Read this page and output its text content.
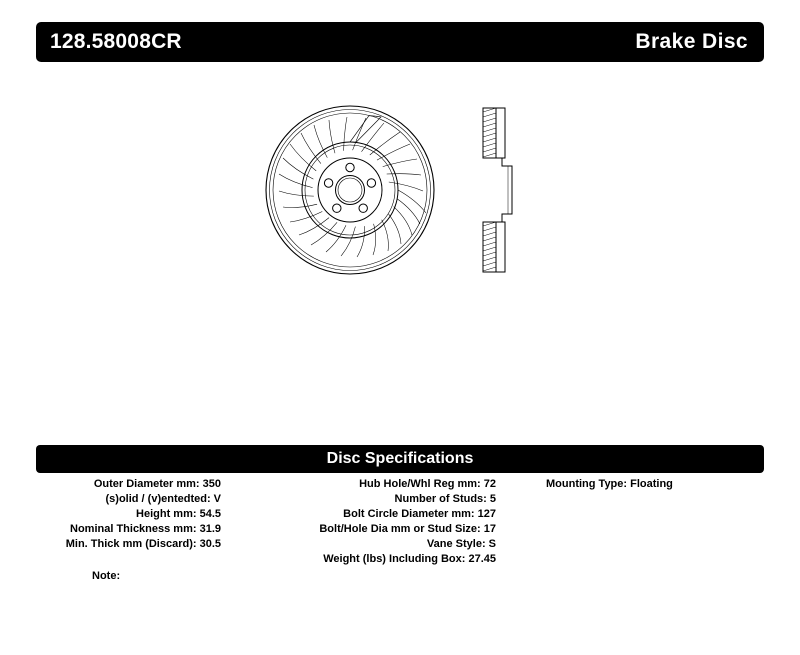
128.58008CR	Brake Disc
Disc Specifications
Outer Diameter mm: 350
(s)olid / (v)entedted: V
Height mm: 54.5
Nominal Thickness mm: 31.9
Min. Thick mm (Discard): 30.5
Hub Hole/Whl Reg mm: 72
Number of Studs: 5
Bolt Circle Diameter mm: 127
Bolt/Hole Dia mm or Stud Size: 17
Vane Style: S
Weight (lbs) Including Box: 27.45
Mounting Type: Floating
Note:
